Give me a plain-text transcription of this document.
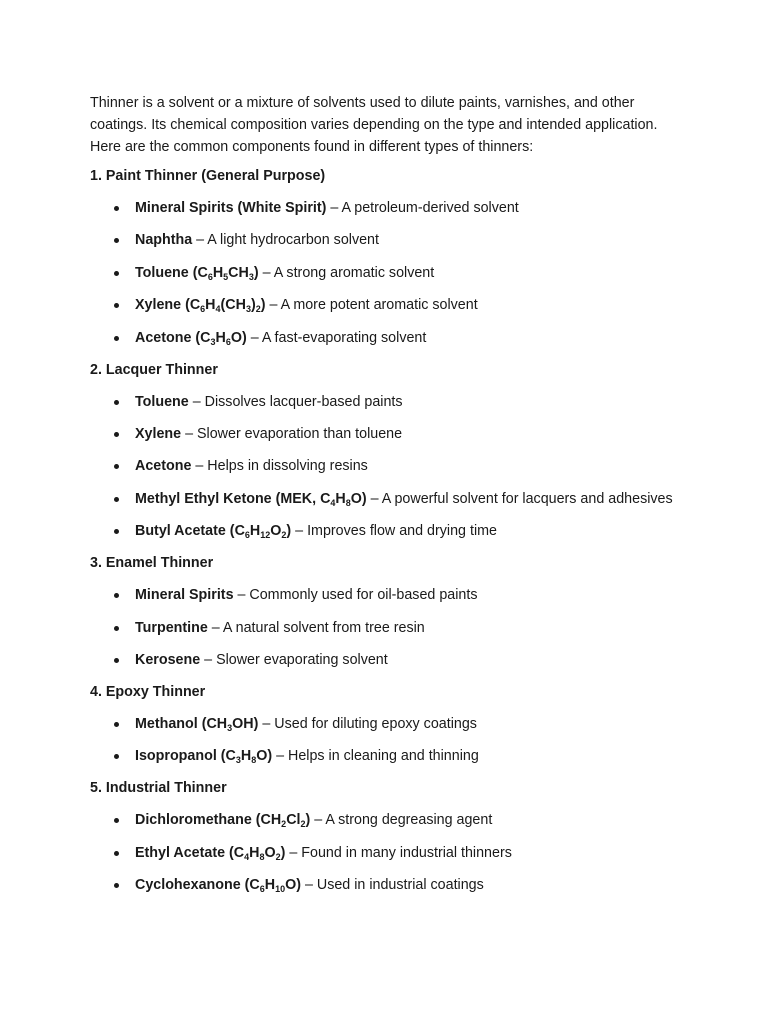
Thinner is a solvent or a mixture of solvents used to dilute paints, varnishes, and other coatings. Its chemical composition varies depending on the type and intended application. Here are the common components found in different types of thinners:

1. Paint Thinner (General Purpose)

Mineral Spirits (White Spirit) – A petroleum-derived solvent
Naphtha – A light hydrocarbon solvent
Toluene $(C_6H_5CH_3)$ – A strong aromatic solvent
Xylene $(C_6H_4(CH_3)_2)$ – A more potent aromatic solvent
Acetone $(C_3H_6O)$ – A fast-evaporating solvent

2. Lacquer Thinner

Toluene – Dissolves lacquer-based paints
Xylene – Slower evaporation than toluene
Acetone – Helps in dissolving resins
Methyl Ethyl Ketone (MEK, $C_4H_8O$) – A powerful solvent for lacquers and adhesives
Butyl Acetate $(C_6H_{12}O_2)$ – Improves flow and drying time

3. Enamel Thinner

Mineral Spirits – Commonly used for oil-based paints
Turpentine – A natural solvent from tree resin
Kerosene – Slower evaporating solvent

4. Epoxy Thinner

Methanol $(CH_3OH)$ – Used for diluting epoxy coatings
Isopropanol $(C_3H_8O)$ – Helps in cleaning and thinning

5. Industrial Thinner

Dichloromethane $(CH_2Cl_2)$ – A strong degreasing agent
Ethyl Acetate $(C_4H_8O_2)$ – Found in many industrial thinners
Cyclohexanone $(C_6H_{10}O)$ – Used in industrial coatings
